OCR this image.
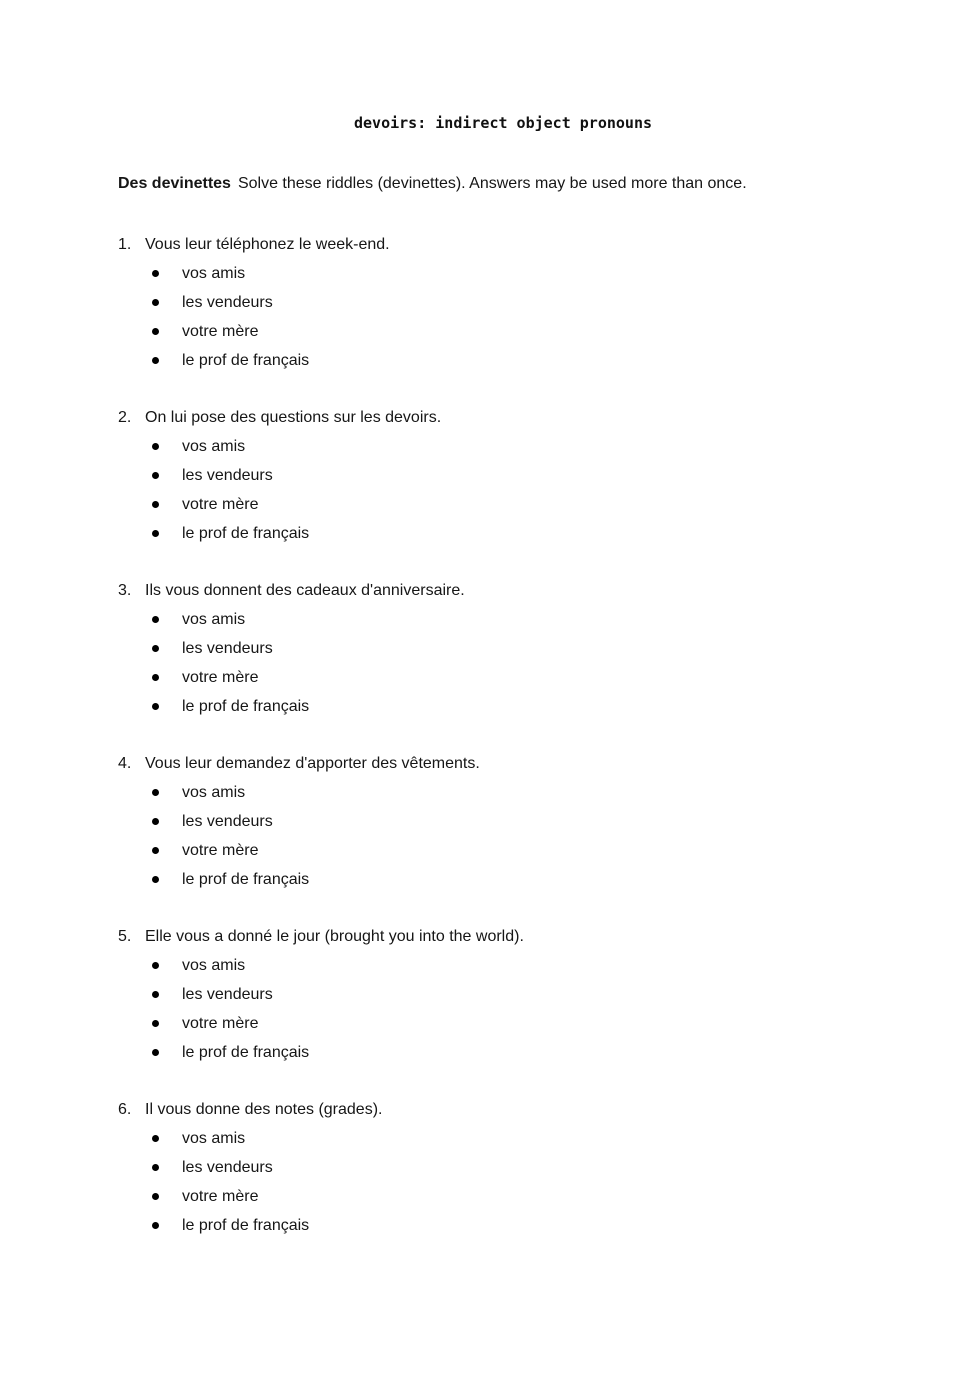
devoirs: indirect object pronouns

Des devinettes Solve these riddles (devinettes). Answers may be used more than once.

1. Vous leur téléphonez le week-end.
vos amis
les vendeurs
votre mère
le prof de français
2. On lui pose des questions sur les devoirs.
vos amis
les vendeurs
votre mère
le prof de français
3. Ils vous donnent des cadeaux d'anniversaire.
vos amis
les vendeurs
votre mère
le prof de français
4. Vous leur demandez d'apporter des vêtements.
vos amis
les vendeurs
votre mère
le prof de français
5. Elle vous a donné le jour (brought you into the world).
vos amis
les vendeurs
votre mère
le prof de français
6. Il vous donne des notes (grades).
vos amis
les vendeurs
votre mère
le prof de français
